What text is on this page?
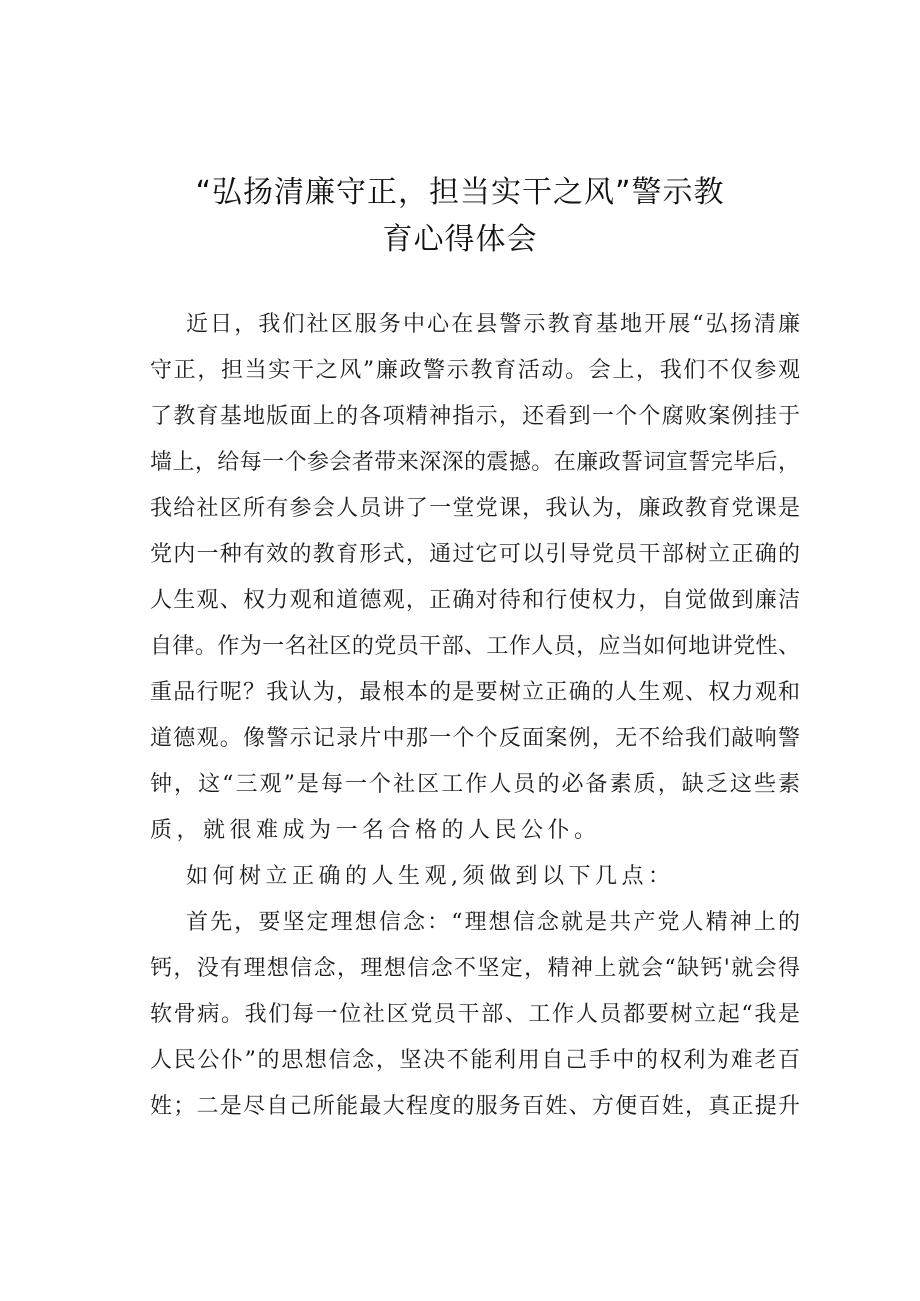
“弘扬清廉守正，担当实干之风”警示教
育心得体会
近日，我们社区服务中心在县警示教育基地开展“弘扬清廉
守正，担当实干之风”廉政警示教育活动。会上，我们不仅参观
了教育基地版面上的各项精神指示，还看到一个个腐败案例挂于
墙上，给每一个参会者带来深深的震撼。在廉政誓词宣誓完毕后，
我给社区所有参会人员讲了一堂党课，我认为，廉政教育党课是
党内一种有效的教育形式，通过它可以引导党员干部树立正确的
人生观、权力观和道德观，正确对待和行使权力，自觉做到廉洁
自律。作为一名社区的党员干部、工作人员，应当如何地讲党性、
重品行呢？我认为，最根本的是要树立正确的人生观、权力观和
道德观。像警示记录片中那一个个反面案例，无不给我们敲响警
钟，这“三观”是每一个社区工作人员的必备素质，缺乏这些素
质，就很难成为一名合格的人民公仆。
如何树立正确的人生观,须做到以下几点：
首先，要坚定理想信念：“理想信念就是共产党人精神上的
钙，没有理想信念，理想信念不坚定，精神上就会“缺钙'就会得
软骨病。我们每一位社区党员干部、工作人员都要树立起“我是
人民公仆”的思想信念，坚决不能利用自己手中的权利为难老百
姓；二是尽自己所能最大程度的服务百姓、方便百姓，真正提升
